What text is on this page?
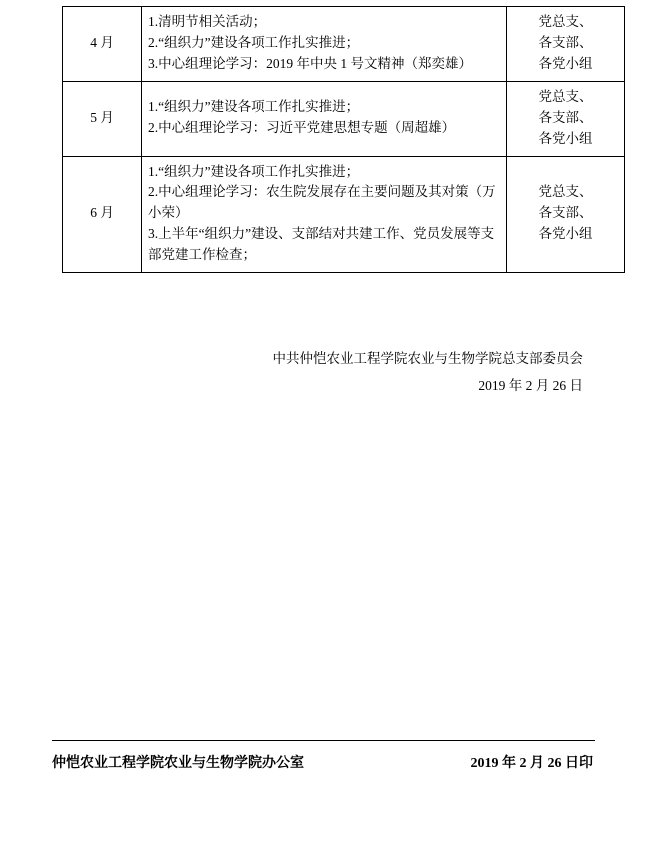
4 月	1.清明节相关活动；
2.“组织力”建设各项工作扎实推进；
3.中心组理论学习：2019 年中央 1 号文精神（郑奕雄）	党总支、
各支部、
各党小组

5 月	1.“组织力”建设各项工作扎实推进；
2.中心组理论学习：习近平党建思想专题（周超雄）	党总支、
各支部、
各党小组

6 月	1.“组织力”建设各项工作扎实推进；
2.中心组理论学习：农生院发展存在主要问题及其对策（万小荣）
3.上半年“组织力”建设、支部结对共建工作、党员发展等支部党建工作检查；	党总支、
各支部、
各党小组
中共仲恺农业工程学院农业与生物学院总支部委员会
2019 年 2 月 26 日
仲恺农业工程学院农业与生物学院办公室	2019 年 2 月 26 日印
